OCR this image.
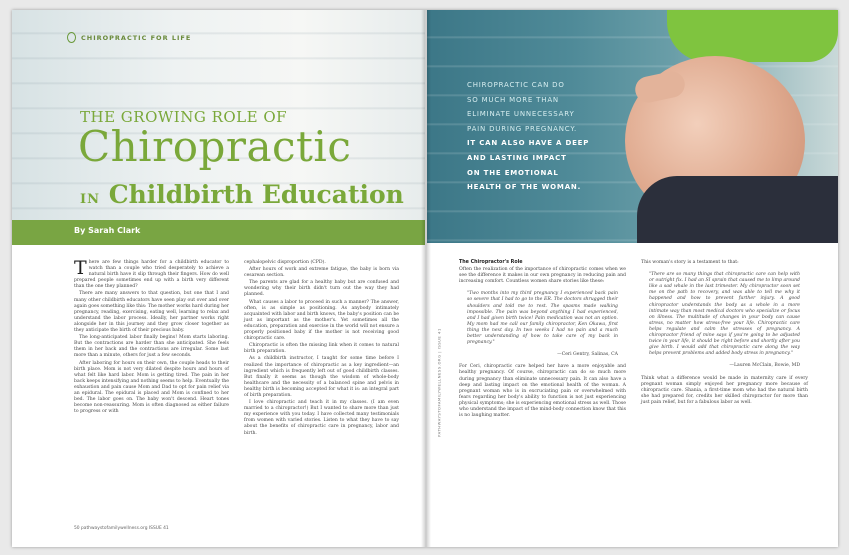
CHIROPRACTIC FOR LIFE
THE GROWING ROLE OF
Chiropractic
IN Childbirth Education
By Sarah Clark

There are few things harder for a childbirth educator to watch than a couple who tried desperately to achieve a natural birth have it slip through their fingers. How do well prepared people sometimes end up with a birth very different than the one they planned?

There are many answers to that question, but one that I and many other childbirth educators have seen play out over and over again goes something like this: The mother works hard during her pregnancy, reading, exercising, eating well, learning to relax and understand the labor process. Ideally, her partner works right alongside her in this journey and they grow closer together as they anticipate the birth of their precious baby.

The long-anticipated labor finally begins! Mom starts laboring. But the contractions are harder than she anticipated. She feels them in her back and the contractions are irregular. Some last more than a minute, others for just a few seconds.

After laboring for hours on their own, the couple heads to their birth place. Mom is not very dilated despite hours and hours of what felt like hard labor. Mom is getting tired. The pain in her back keeps intensifying and nothing seems to help. Eventually the exhaustion and pain cause Mom and Dad to opt for pain relief via an epidural. The epidural is placed and Mom is confined to her bed. The labor goes on. The baby won't descend. Heart tones become non-reassuring. Mom is often diagnosed as either failure to progress or with

cephalopelvic disproportion (CPD).

After hours of work and extreme fatigue, the baby is born via cesarean section.

The parents are glad for a healthy baby but are confused and wondering why their birth didn't turn out the way they had planned.

What causes a labor to proceed in such a manner? The answer, often, is as simple as positioning. As anybody intimately acquainted with labor and birth knows, the baby's position can be just as important as the mother's. Yet sometimes all the education, preparation and exercise in the world will not ensure a properly positioned baby if the mother is not receiving good chiropractic care.

Chiropractic is often the missing link when it comes to natural birth preparation.

As a childbirth instructor, I taught for some time before I realized the importance of chiropractic as a key ingredient—an ingredient which is frequently left out of good childbirth classes. But finally it seems as though the wisdom of whole-body healthcare and the necessity of a balanced spine and pelvis in healthy birth is becoming accepted for what it is: an integral part of birth preparation.

I love chiropractic and teach it in my classes. (I am even married to a chiropractor!) But I wanted to share more than just my experience with you today. I have collected many testimonials from women with varied stories. Listen to what they have to say about the benefits of chiropractic care in pregnancy, labor and birth.

50 pathwaystofamilywellness.org ISSUE 41
CHIROPRACTIC CAN DO
SO MUCH MORE THAN
ELIMINATE UNNECESSARY
PAIN DURING PREGNANCY.
IT CAN ALSO HAVE A DEEP
AND LASTING IMPACT
ON THE EMOTIONAL
HEALTH OF THE WOMAN.
PATHWAYSTOFAMILYWELLNESS.ORG | ISSUE 41
The Chiropractor's Role

Often the realization of the importance of chiropractic comes when we see the difference it makes in our own pregnancy in reducing pain and increasing comfort. Countless women share stories like these:

"Two months into my third pregnancy I experienced back pain so severe that I had to go to the ER. The doctors shrugged their shoulders and told me to rest. The spasms made walking impossible. The pain was beyond anything I had experienced, and I had given birth twice! Pain medication was not an option. My mom had me call our family chiropractor, Ken Okawa, first thing the next day. In two weeks I had no pain and a much better understanding of how to take care of my back in pregnancy."

—Ceri Gentry, Salinas, CA

For Ceri, chiropractic care helped her have a more enjoyable and healthy pregnancy. Of course, chiropractic can do so much more during pregnancy than eliminate unnecessary pain. It can also have a deep and lasting impact on the emotional health of the woman. A pregnant woman who is in excruciating pain or overwhelmed with fears regarding her body's ability to function is not just experiencing physical symptoms; she is experiencing emotional stress as well. Those who understand the impact of the mind-body connection know that this is no laughing matter.

This woman's story is a testament to that:

"There are so many things that chiropractic care can help with or outright fix. I had an SI sprain that caused me to limp around like a sad whale in the last trimester. My chiropractor soon set me on the path to recovery, and was able to tell me why it happened and how to prevent further injury. A good chiropractor understands the body as a whole in a more intimate way than most medical doctors who specialize or focus on illness. The multitude of changes in your body can cause stress, no matter how stress-free your life. Chiropractic care helps regulate and calm the stresses of pregnancy. A chiropractor friend of mine says if you're going to be adjusted twice in your life, it should be right before and shortly after you give birth. I would add that chiropractic care along the way helps prevent problems and added body stress in pregnancy."

—Lauren McClain, Bowie, MD

Think what a difference would be made in maternity care if every pregnant woman simply enjoyed her pregnancy more because of chiropractic care. Shania, a first-time mom who had the natural birth she had prepared for, credits her skilled chiropractor for more than just pain relief, but for a fabulous labor as well.
